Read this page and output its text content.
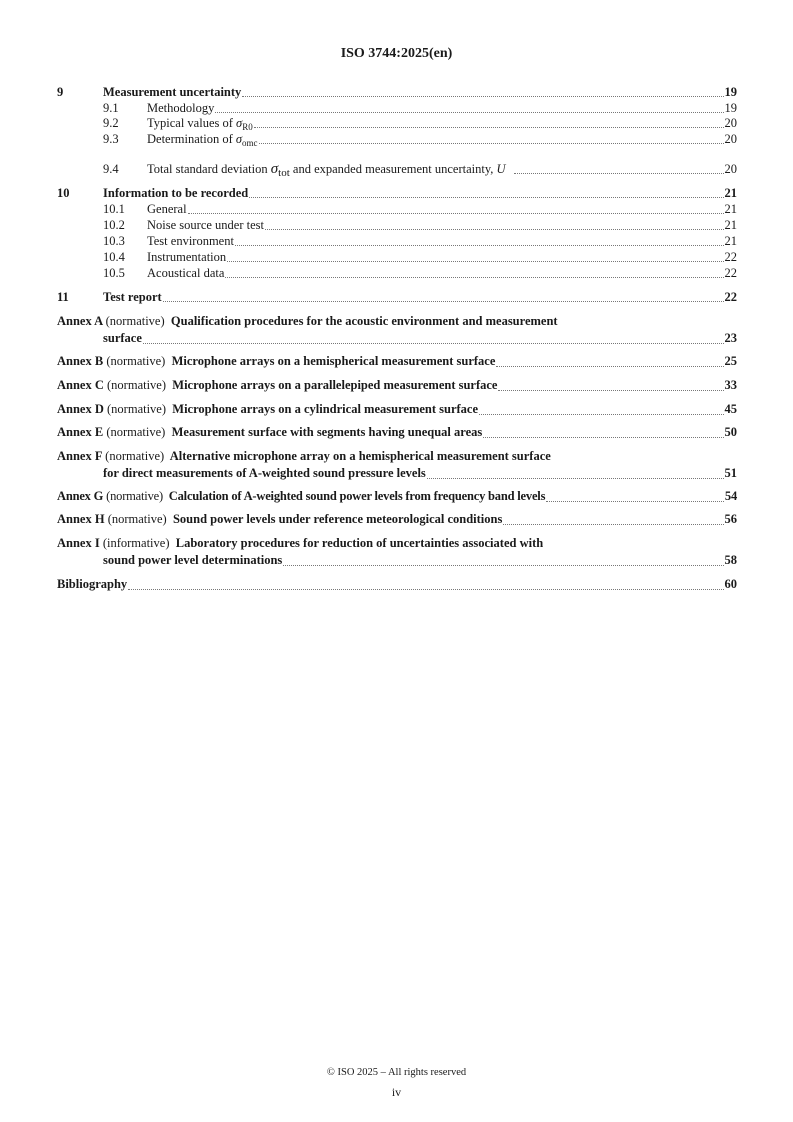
ISO 3744:2025(en)
9	Measurement uncertainty	19
9.1	Methodology	19
9.2	Typical values of $\sigma_{R0}$	20
9.3	Determination of $\sigma_{omc}$	20
9.4	Total standard deviation $\sigma_{tot}$ and expanded measurement uncertainty, U	20
10	Information to be recorded	21
10.1	General	21
10.2	Noise source under test	21
10.3	Test environment	21
10.4	Instrumentation	22
10.5	Acoustical data	22
11	Test report	22
Annex A (normative) Qualification procedures for the acoustic environment and measurement
surface	23
Annex B (normative) Microphone arrays on a hemispherical measurement surface	25
Annex C (normative) Microphone arrays on a parallelepiped measurement surface	33
Annex D (normative) Microphone arrays on a cylindrical measurement surface	45
Annex E (normative) Measurement surface with segments having unequal areas	50
Annex F (normative) Alternative microphone array on a hemispherical measurement surface
for direct measurements of A-weighted sound pressure levels	51
Annex G (normative) Calculation of A-weighted sound power levels from frequency band levels	54
Annex H (normative) Sound power levels under reference meteorological conditions	56
Annex I (informative) Laboratory procedures for reduction of uncertainties associated with
sound power level determinations	58
Bibliography	60
© ISO 2025 – All rights reserved
iv
